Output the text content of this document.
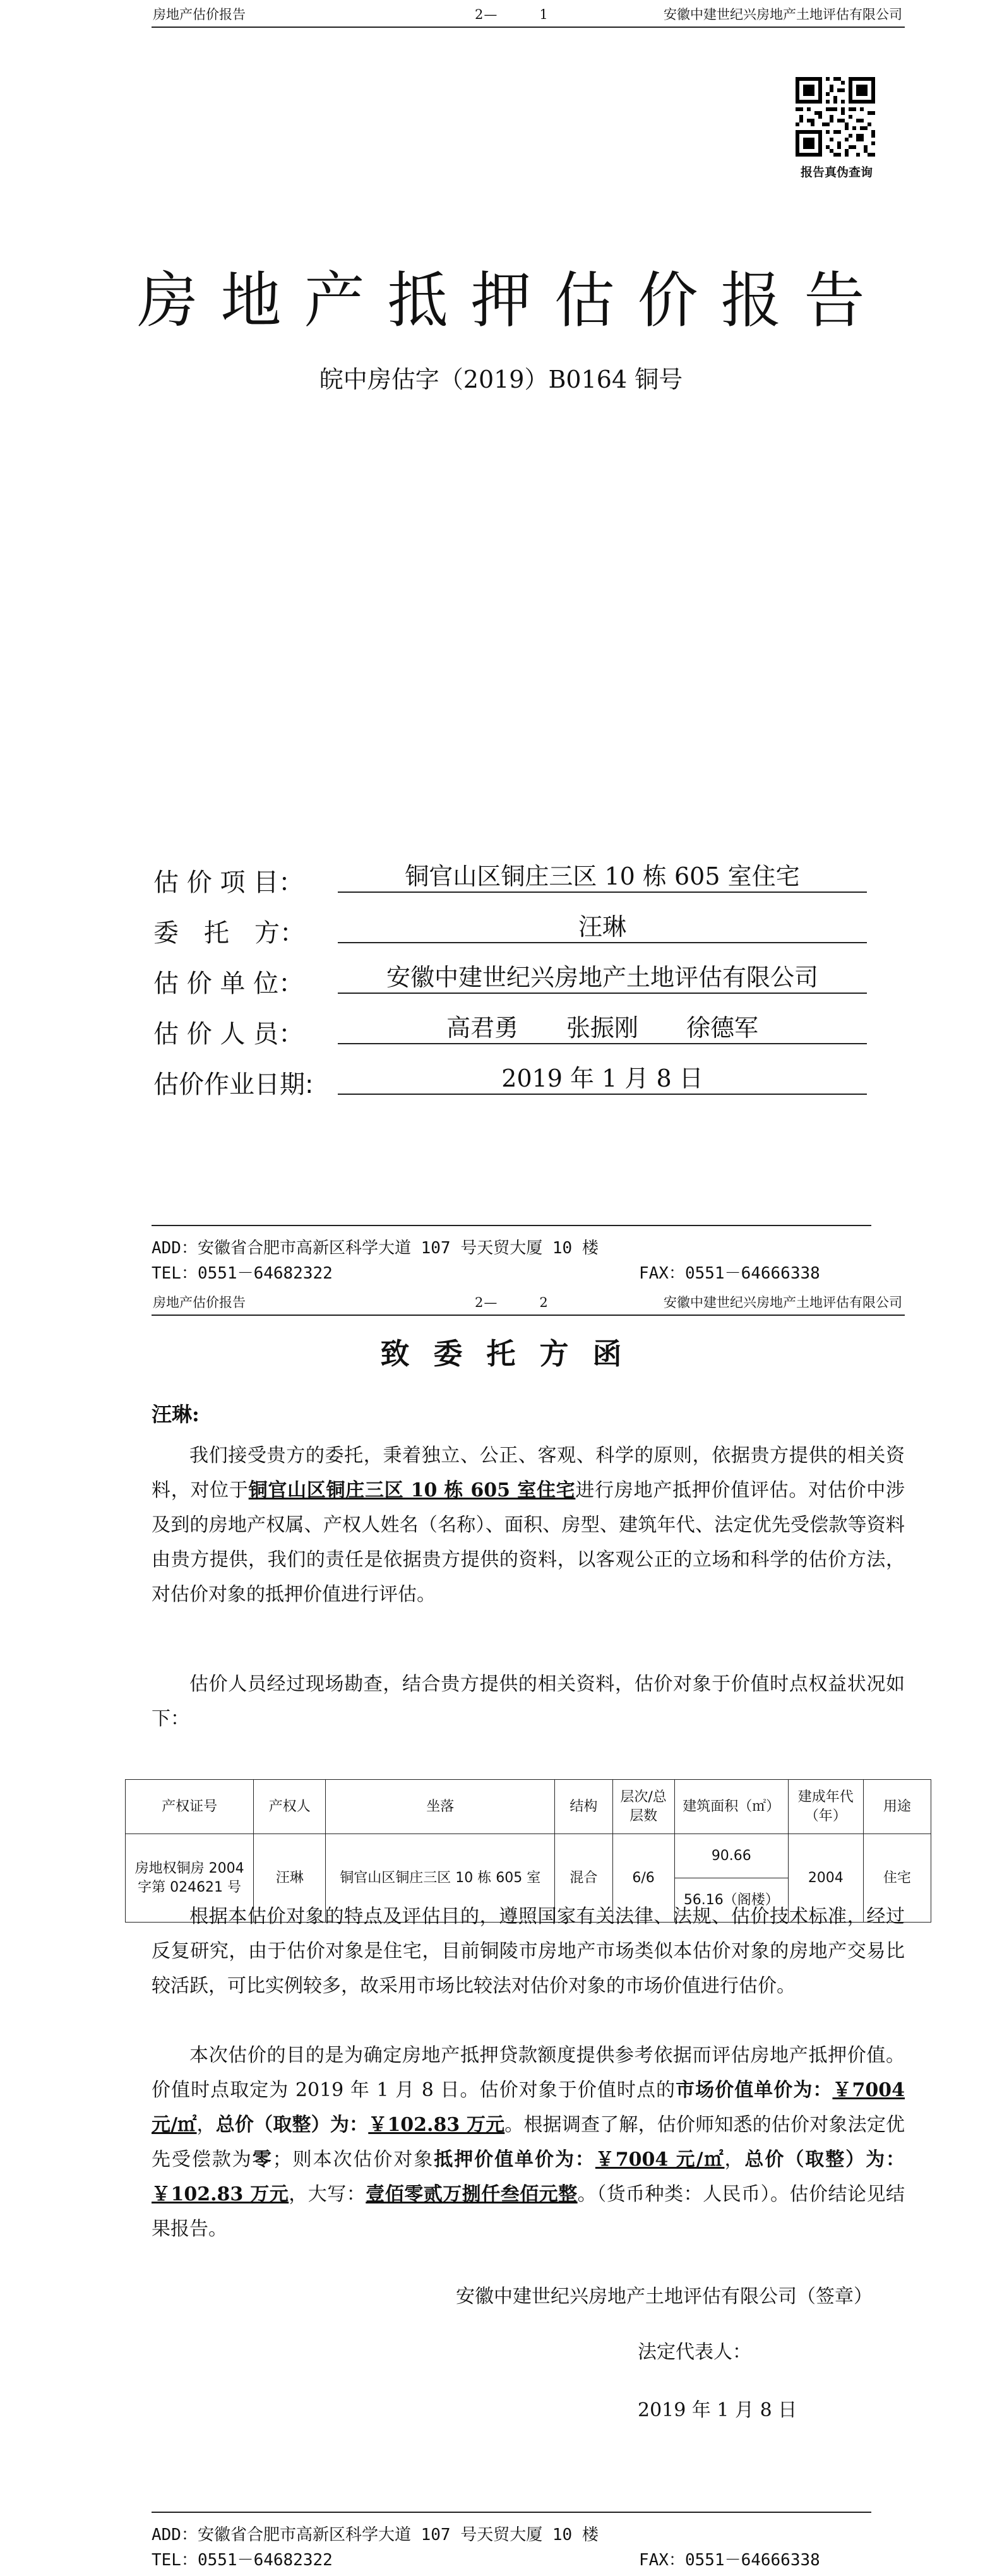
房地产估价报告	2—　　　1	安徽中建世纪兴房地产土地评估有限公司
报告真伪查询
房地产抵押估价报告
皖中房估字（2019）B0164 铜号
估 价 项 目：	铜官山区铜庄三区 10 栋 605 室住宅
委　托　方：	汪琳
估 价 单 位：	安徽中建世纪兴房地产土地评估有限公司
估 价 人 员：	高君勇　　张振刚　　徐德军
估价作业日期:	2019 年 1 月 8 日
ADD：安徽省合肥市高新区科学大道 107 号天贸大厦 10 楼
TEL：0551－64682322	FAX：0551－64666338
房地产估价报告	2—　　　2	安徽中建世纪兴房地产土地评估有限公司
致委托方函
汪琳:

我们接受贵方的委托，秉着独立、公正、客观、科学的原则，依据贵方提供的相关资料，对位于铜官山区铜庄三区 10 栋 605 室住宅进行房地产抵押价值评估。对估价中涉及到的房地产权属、产权人姓名（名称）、面积、房型、建筑年代、法定优先受偿款等资料由贵方提供，我们的责任是依据贵方提供的资料，以客观公正的立场和科学的估价方法，对估价对象的抵押价值进行评估。

估价人员经过现场勘查，结合贵方提供的相关资料，估价对象于价值时点权益状况如下：

产权证号	产权人	坐落	结构	层次/总层数	建筑面积（㎡）	建成年代（年）	用途
房地权铜房 2004 字第 024621 号	汪琳	铜官山区铜庄三区 10 栋 605 室	混合	6/6	90.66	2004	住宅
					56.16（阁楼）		

根据本估价对象的特点及评估目的，遵照国家有关法律、法规、估价技术标准，经过反复研究，由于估价对象是住宅，目前铜陵市房地产市场类似本估价对象的房地产交易比较活跃，可比实例较多，故采用市场比较法对估价对象的市场价值进行估价。

本次估价的目的是为确定房地产抵押贷款额度提供参考依据而评估房地产抵押价值。价值时点取定为 2019 年 1 月 8 日。估价对象于价值时点的市场价值单价为：￥7004 元/㎡，总价（取整）为：￥102.83 万元。根据调查了解，估价师知悉的估价对象法定优先受偿款为零；则本次估价对象抵押价值单价为：￥7004 元/㎡，总价（取整）为：￥102.83 万元，大写：壹佰零贰万捌仟叁佰元整。（货币种类：人民币）。估价结论见结果报告。

安徽中建世纪兴房地产土地评估有限公司（签章）
法定代表人：
2019 年 1 月 8 日
ADD：安徽省合肥市高新区科学大道 107 号天贸大厦 10 楼
TEL：0551－64682322	FAX：0551－64666338
